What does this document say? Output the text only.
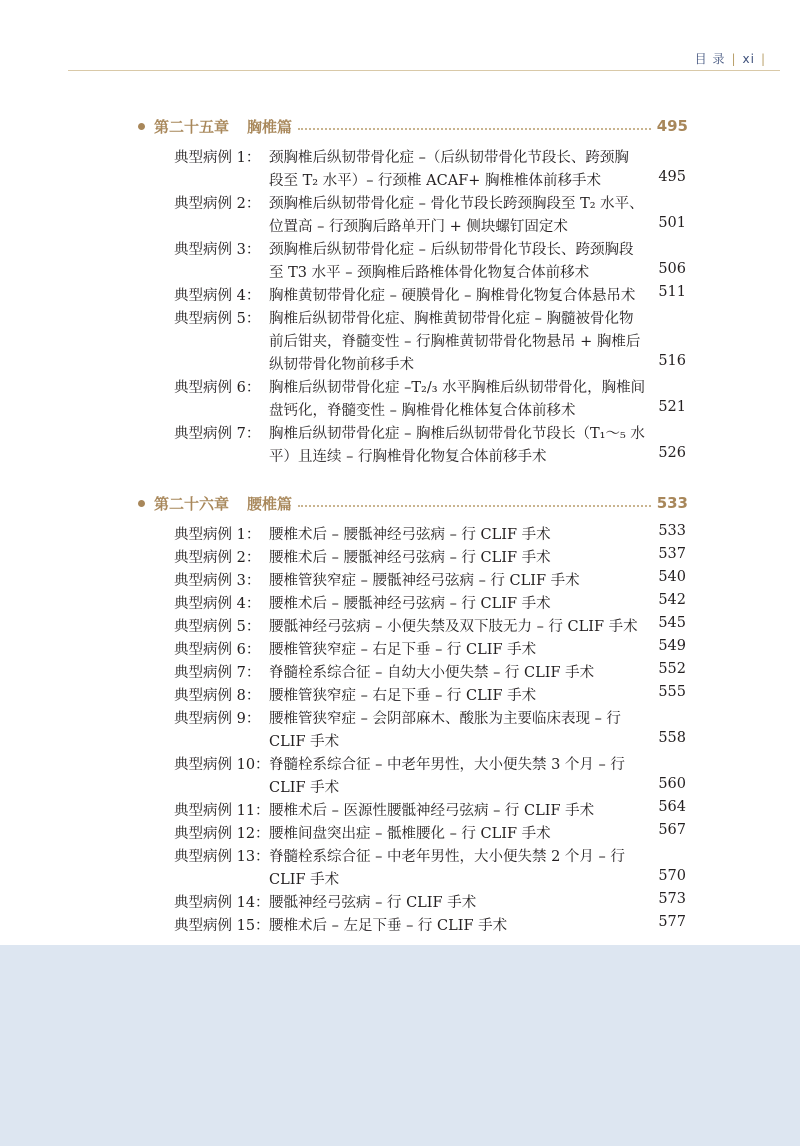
目 录 | xi |
第二十五章 胸椎篇	495
典型病例 1： 颈胸椎后纵韧带骨化症 –（后纵韧带骨化节段长、跨颈胸
段至 T₂ 水平）– 行颈椎 ACAF+ 胸椎椎体前移手术	495
典型病例 2： 颈胸椎后纵韧带骨化症 – 骨化节段长跨颈胸段至 T₂ 水平、
位置高 – 行颈胸后路单开门 + 侧块螺钉固定术	501
典型病例 3： 颈胸椎后纵韧带骨化症 – 后纵韧带骨化节段长、跨颈胸段
至 T3 水平 – 颈胸椎后路椎体骨化物复合体前移术	506
典型病例 4： 胸椎黄韧带骨化症 – 硬膜骨化 – 胸椎骨化物复合体悬吊术 511
典型病例 5： 胸椎后纵韧带骨化症、胸椎黄韧带骨化症 – 胸髓被骨化物
前后钳夹，脊髓变性 – 行胸椎黄韧带骨化物悬吊 + 胸椎后
纵韧带骨化物前移手术	516
典型病例 6： 胸椎后纵韧带骨化症 –T₂/₃ 水平胸椎后纵韧带骨化，胸椎间
盘钙化，脊髓变性 – 胸椎骨化椎体复合体前移术	521
典型病例 7： 胸椎后纵韧带骨化症 – 胸椎后纵韧带骨化节段长（T₁～₅ 水
平）且连续 – 行胸椎骨化物复合体前移手术	526
第二十六章 腰椎篇	533
典型病例 1： 腰椎术后 – 腰骶神经弓弦病 – 行 CLIF 手术	533
典型病例 2： 腰椎术后 – 腰骶神经弓弦病 – 行 CLIF 手术	537
典型病例 3： 腰椎管狭窄症 – 腰骶神经弓弦病 – 行 CLIF 手术	540
典型病例 4： 腰椎术后 – 腰骶神经弓弦病 – 行 CLIF 手术	542
典型病例 5： 腰骶神经弓弦病 – 小便失禁及双下肢无力 – 行 CLIF 手术 545
典型病例 6： 腰椎管狭窄症 – 右足下垂 – 行 CLIF 手术	549
典型病例 7： 脊髓栓系综合征 – 自幼大小便失禁 – 行 CLIF 手术	552
典型病例 8： 腰椎管狭窄症 – 右足下垂 – 行 CLIF 手术	555
典型病例 9： 腰椎管狭窄症 – 会阴部麻木、酸胀为主要临床表现 – 行
CLIF 手术	558
典型病例 10： 脊髓栓系综合征 – 中老年男性，大小便失禁 3 个月 – 行
CLIF 手术	560
典型病例 11： 腰椎术后 – 医源性腰骶神经弓弦病 – 行 CLIF 手术	564
典型病例 12： 腰椎间盘突出症 – 骶椎腰化 – 行 CLIF 手术	567
典型病例 13： 脊髓栓系综合征 – 中老年男性，大小便失禁 2 个月 – 行
CLIF 手术	570
典型病例 14： 腰骶神经弓弦病 – 行 CLIF 手术	573
典型病例 15： 腰椎术后 – 左足下垂 – 行 CLIF 手术	577
